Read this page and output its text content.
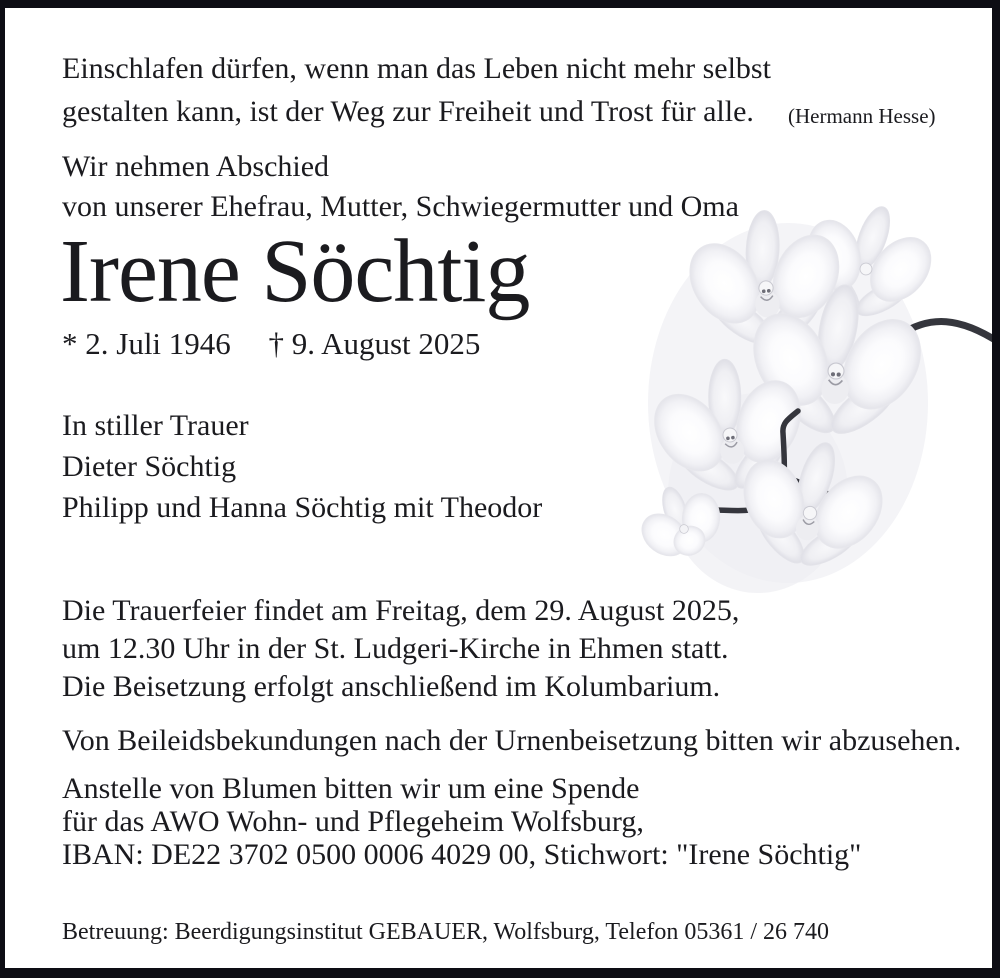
Einschlafen dürfen, wenn man das Leben nicht mehr selbst
gestalten kann, ist der Weg zur Freiheit und Trost für alle.	(Hermann Hesse)
Wir nehmen Abschied
von unserer Ehefrau, Mutter, Schwiegermutter und Oma
Irene Söchtig
* 2. Juli 1946 † 9. August 2025
In stiller Trauer
Dieter Söchtig
Philipp und Hanna Söchtig mit Theodor
Die Trauerfeier findet am Freitag, dem 29. August 2025,
um 12.30 Uhr in der St. Ludgeri-Kirche in Ehmen statt.
Die Beisetzung erfolgt anschließend im Kolumbarium.
Von Beileidsbekundungen nach der Urnenbeisetzung bitten wir abzusehen.
Anstelle von Blumen bitten wir um eine Spende
für das AWO Wohn- und Pflegeheim Wolfsburg,
IBAN: DE22 3702 0500 0006 4029 00, Stichwort: "Irene Söchtig"
Betreuung: Beerdigungsinstitut GEBAUER, Wolfsburg, Telefon 05361 / 26 740
